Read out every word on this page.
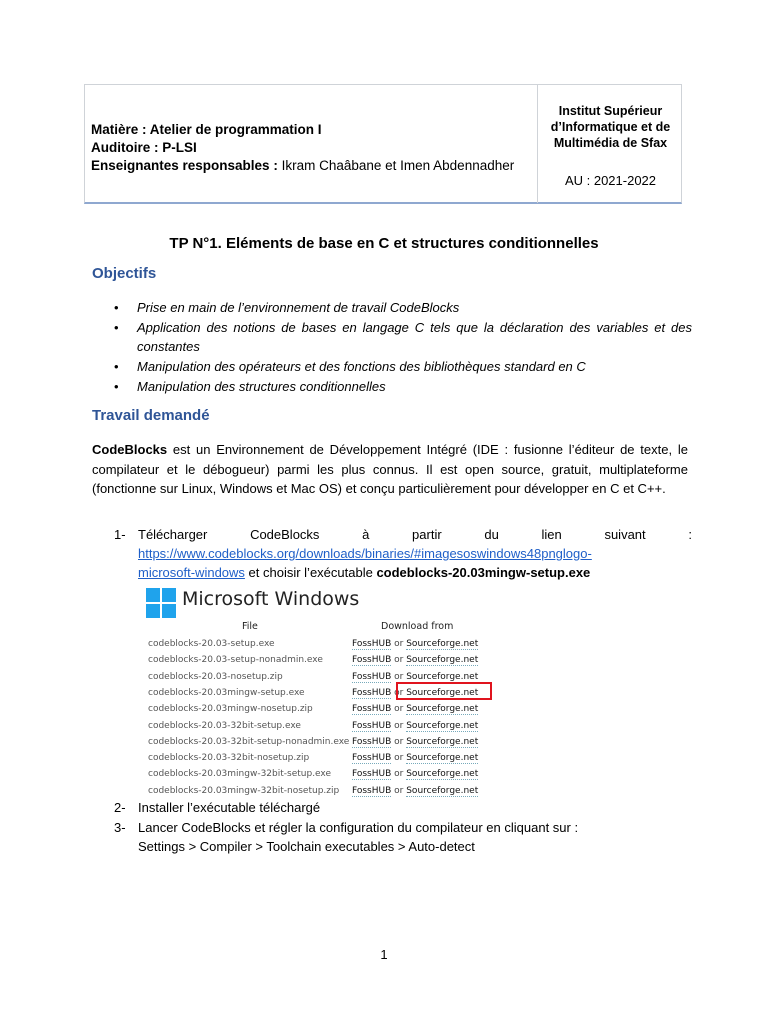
Matière : Atelier de programmation I
Auditoire : P-LSI
Enseignantes responsables : Ikram Chaâbane et Imen Abdennadher
Institut Supérieur
d’Informatique et de
Multimédia de Sfax
AU : 2021-2022
TP N°1. Eléments de base en C et structures conditionnelles
Objectifs
• Prise en main de l’environnement de travail CodeBlocks
• Application des notions de bases en langage C tels que la déclaration des variables et des constantes
• Manipulation des opérateurs et des fonctions des bibliothèques standard en C
• Manipulation des structures conditionnelles
Travail demandé
CodeBlocks est un Environnement de Développement Intégré (IDE : fusionne l’éditeur de texte, le compilateur et le débogueur) parmi les plus connus. Il est open source, gratuit, multiplateforme (fonctionne sur Linux, Windows et Mac OS) et conçu particulièrement pour développer en C et C++.
1- Télécharger	CodeBlocks	à	partir	du	lien	suivant	:
https://www.codeblocks.org/downloads/binaries/#imagesoswindows48pnglogo-
microsoft-windows et choisir l’exécutable codeblocks-20.03mingw-setup.exe
Microsoft Windows
File	Download from
codeblocks-20.03-setup.exe	FossHUB or Sourceforge.net
codeblocks-20.03-setup-nonadmin.exe	FossHUB or Sourceforge.net
codeblocks-20.03-nosetup.zip	FossHUB or Sourceforge.net
codeblocks-20.03mingw-setup.exe	FossHUB or Sourceforge.net
codeblocks-20.03mingw-nosetup.zip	FossHUB or Sourceforge.net
codeblocks-20.03-32bit-setup.exe	FossHUB or Sourceforge.net
codeblocks-20.03-32bit-setup-nonadmin.exe FossHUB or Sourceforge.net
codeblocks-20.03-32bit-nosetup.zip	FossHUB or Sourceforge.net
codeblocks-20.03mingw-32bit-setup.exe FossHUB or Sourceforge.net
codeblocks-20.03mingw-32bit-nosetup.zip FossHUB or Sourceforge.net
2- Installer l’exécutable téléchargé
3- Lancer CodeBlocks et régler la configuration du compilateur en cliquant sur :
Settings > Compiler > Toolchain executables > Auto-detect
1
